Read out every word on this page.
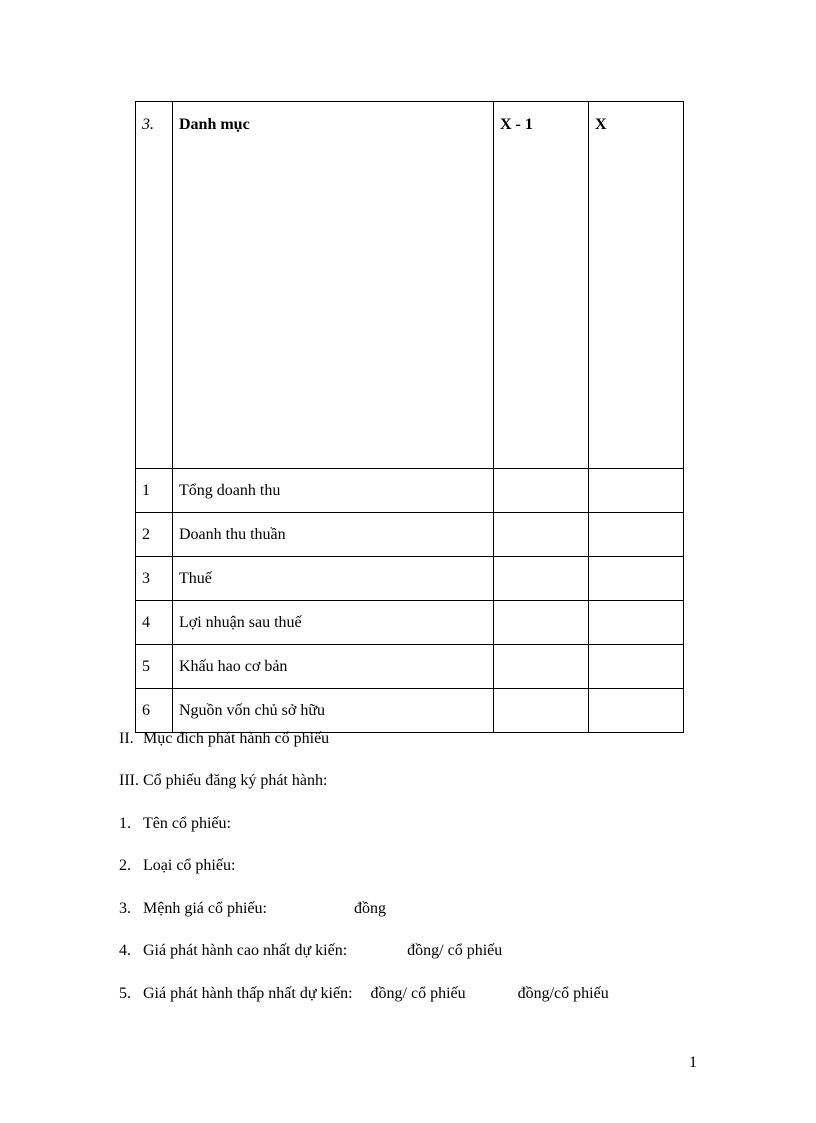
3.	Danh mục	X - 1	X
1	Tổng doanh thu		
2	Doanh thu thuần		
3	Thuế		
4	Lợi nhuận sau thuế		
5	Khấu hao cơ bản		
6	Nguồn vốn chủ sở hữu		
II. Mục đích phát hành cổ phiếu
III. Cổ phiếu đăng ký phát hành:
1. Tên cổ phiếu:
2. Loại cổ phiếu:
3. Mệnh giá cổ phiếu:	đồng
4. Giá phát hành cao nhất dự kiến:	đồng/ cổ phiếu
5. Giá phát hành thấp nhất dự kiến: đồng/ cổ phiếu	đồng/cổ phiếu
1
